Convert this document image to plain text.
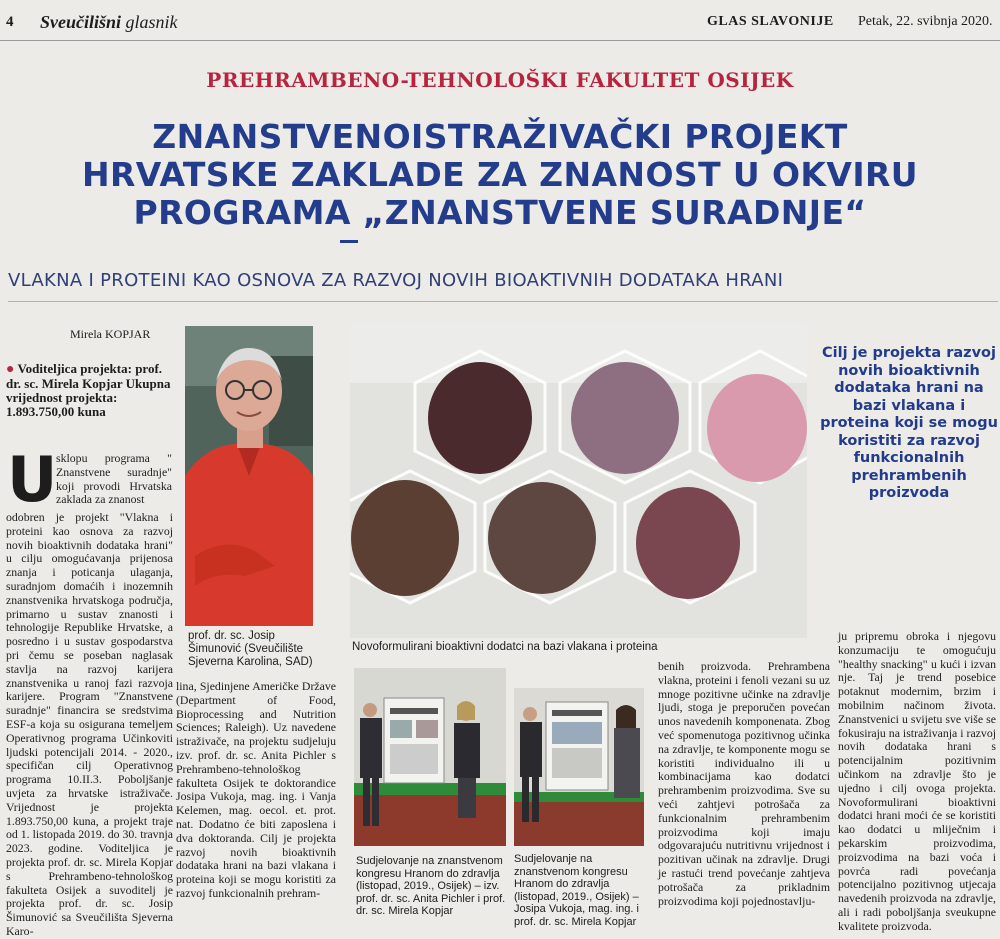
4 Sveučilišni glasnik	GLAS SLAVONIJE Petak, 22. svibnja 2020.
PREHRAMBENO-TEHNOLOŠKI FAKULTET OSIJEK
ZNANSTVENOISTRAŽIVAČKI PROJEKT
HRVATSKE ZAKLADE ZA ZNANOST U OKVIRU
PROGRAMA „ZNANSTVENE SURADNJE“
VLAKNA I PROTEINI KAO OSNOVA ZA RAZVOJ NOVIH BIOAKTIVNIH DODATAKA HRANI
Mirela KOPJAR
● Voditeljica projekta: prof. dr. sc. Mirela Kopjar Ukupna vrijednost projekta: 1.893.750,00 kuna
U
sklopu programa " Znanstvene suradnje" koji provodi Hrvatska zaklada za znanost
odobren je projekt "Vlakna i proteini kao osnova za razvoj novih bioaktivnih dodataka hrani" u cilju omogućavanja prijenosa znanja i poticanja ulaganja, suradnjom domaćih i inozemnih znanstvenika hrvatskoga područja, primarno u sustav znanosti i tehnologije Republike Hrvatske, a posredno i u sustav gospodarstva pri čemu se poseban naglasak stavlja na razvoj karijera znanstvenika u ranoj fazi razvoja karijere. Program "Znanstvene suradnje" financira se sredstvima ESF-a koja su osigurana temeljem Operativnog programa Učinkoviti ljudski potencijali 2014. - 2020., specifičan cilj Operativnog programa 10.II.3. Poboljšanje uvjeta za hrvatske istraživače. Vrijednost je projekta 1.893.750,00 kuna, a projekt traje od 1. listopada 2019. do 30. travnja 2023. godine. Voditeljica je projekta prof. dr. sc. Mirela Kopjar s Prehrambeno-tehnološkog fakulteta Osijek a suvoditelj je projekta prof. dr. sc. Josip Šimunović sa Sveučilišta Sjeverna Karo-
prof. dr. sc. Josip Šimunović (Sveučilište Sjeverna Karolina, SAD)
Novoformulirani bioaktivni dodatci na bazi vlakana i proteina
Cilj je projekta razvoj novih bioaktivnih dodataka hrani na bazi vlakana i proteina koji se mogu koristiti za razvoj funkcionalnih prehrambenih proizvoda
lina, Sjedinjene Američke Države (Department of Food, Bioprocessing and Nutrition Sciences; Raleigh). Uz navedene istraživače, na projektu sudjeluju izv. prof. dr. sc. Anita Pichler s Prehrambeno-tehnološkog fakulteta Osijek te doktorandice Josipa Vukoja, mag. ing. i Vanja Kelemen, mag. oecol. et. prot. nat. Dodatno će biti zaposlena i dva doktoranda. Cilj je projekta razvoj novih bioaktivnih dodataka hrani na bazi vlakana i proteina koji se mogu koristiti za razvoj funkcionalnih prehram-
Sudjelovanje na znanstvenom kongresu Hranom do zdravlja (listopad, 2019., Osijek) – izv. prof. dr. sc. Anita Pichler i prof. dr. sc. Mirela Kopjar
Sudjelovanje na znanstvenom kongresu Hranom do zdravlja (listopad, 2019., Osijek) – Josipa Vukoja, mag. ing. i prof. dr. sc. Mirela Kopjar
benih proizvoda. Prehrambena vlakna, proteini i fenoli vezani su uz mnoge pozitivne učinke na zdravlje ljudi, stoga je preporučen povećan unos navedenih komponenata. Zbog već spomenutoga pozitivnog učinka na zdravlje, te komponente mogu se koristiti individualno ili u kombinacijama kao dodatci prehrambenim proizvodima. Sve su veći zahtjevi potrošača za funkcionalnim prehrambenim proizvodima koji imaju odgovarajuću nutritivnu vrijednost i pozitivan učinak na zdravlje. Drugi je rastući trend povećanje zahtjeva potrošača za prikladnim proizvodima koji pojednostavlju-
ju pripremu obroka i njegovu konzumaciju te omogućuju "healthy snacking" u kući i izvan nje. Taj je trend posebice potaknut modernim, brzim i mobilnim načinom života. Znanstvenici u svijetu sve više se fokusiraju na istraživanja i razvoj novih dodataka hrani s potencijalnim pozitivnim učinkom na zdravlje što je ujedno i cilj ovoga projekta. Novoformulirani bioaktivni dodatci hrani moći će se koristiti kao dodatci u mliječnim i pekarskim proizvodima, proizvodima na bazi voća i povrća radi povećanja potencijalno pozitivnog utjecaja navedenih proizvoda na zdravlje, ali i radi poboljšanja sveukupne kvalitete proizvoda.
